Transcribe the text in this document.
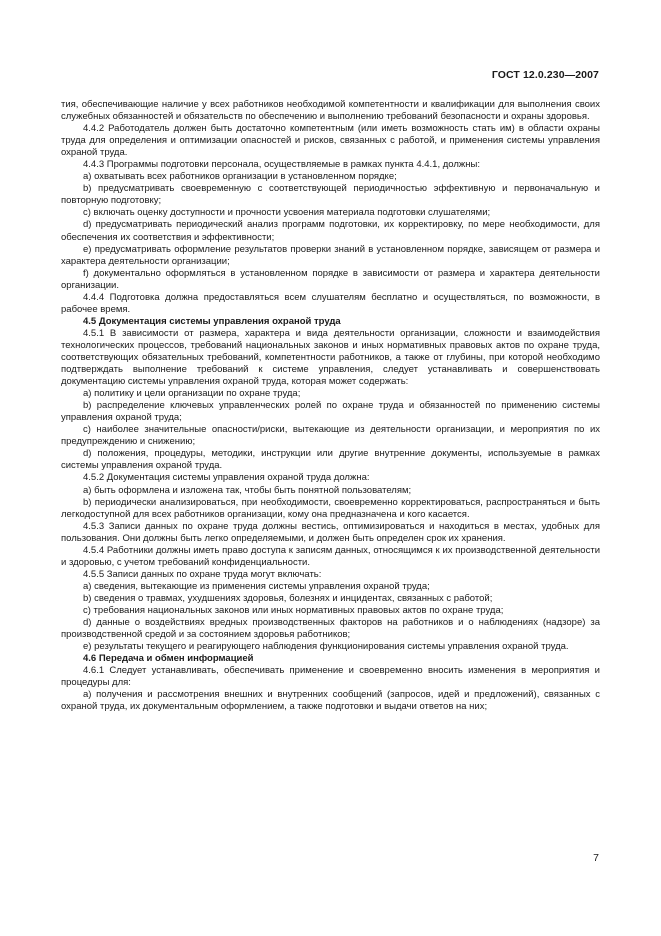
ГОСТ 12.0.230—2007

тия, обеспечивающие наличие у всех работников необходимой компетентности и квалификации для выполнения своих служебных обязанностей и обязательств по обеспечению и выполнению требований безопасности и охраны здоровья.

4.4.2 Работодатель должен быть достаточно компетентным (или иметь возможность стать им) в области охраны труда для определения и оптимизации опасностей и рисков, связанных с работой, и применения системы управления охраной труда.

4.4.3 Программы подготовки персонала, осуществляемые в рамках пункта 4.4.1, должны:

a) охватывать всех работников организации в установленном порядке;

b) предусматривать своевременную с соответствующей периодичностью эффективную и первоначальную и повторную подготовку;

c) включать оценку доступности и прочности усвоения материала подготовки слушателями;

d) предусматривать периодический анализ программ подготовки, их корректировку, по мере необходимости, для обеспечения их соответствия и эффективности;

e) предусматривать оформление результатов проверки знаний в установленном порядке, зависящем от размера и характера деятельности организации;

f) документально оформляться в установленном порядке в зависимости от размера и характера деятельности организации.

4.4.4 Подготовка должна предоставляться всем слушателям бесплатно и осуществляться, по возможности, в рабочее время.

4.5 Документация системы управления охраной труда

4.5.1 В зависимости от размера, характера и вида деятельности организации, сложности и взаимодействия технологических процессов, требований национальных законов и иных нормативных правовых актов по охране труда, соответствующих обязательных требований, компетентности работников, а также от глубины, при которой необходимо подтверждать выполнение требований к системе управления, следует устанавливать и совершенствовать документацию системы управления охраной труда, которая может содержать:

a) политику и цели организации по охране труда;

b) распределение ключевых управленческих ролей по охране труда и обязанностей по применению системы управления охраной труда;

c) наиболее значительные опасности/риски, вытекающие из деятельности организации, и мероприятия по их предупреждению и снижению;

d) положения, процедуры, методики, инструкции или другие внутренние документы, используемые в рамках системы управления охраной труда.

4.5.2 Документация системы управления охраной труда должна:

a) быть оформлена и изложена так, чтобы быть понятной пользователям;

b) периодически анализироваться, при необходимости, своевременно корректироваться, распространяться и быть легкодоступной для всех работников организации, кому она предназначена и кого касается.

4.5.3 Записи данных по охране труда должны вестись, оптимизироваться и находиться в местах, удобных для пользования. Они должны быть легко определяемыми, и должен быть определен срок их хранения.

4.5.4 Работники должны иметь право доступа к записям данных, относящимся к их производственной деятельности и здоровью, с учетом требований конфиденциальности.

4.5.5 Записи данных по охране труда могут включать:

a) сведения, вытекающие из применения системы управления охраной труда;

b) сведения о травмах, ухудшениях здоровья, болезнях и инцидентах, связанных с работой;

c) требования национальных законов или иных нормативных правовых актов по охране труда;

d) данные о воздействиях вредных производственных факторов на работников и о наблюдениях (надзоре) за производственной средой и за состоянием здоровья работников;

e) результаты текущего и реагирующего наблюдения функционирования системы управления охраной труда.

4.6 Передача и обмен информацией

4.6.1 Следует устанавливать, обеспечивать применение и своевременно вносить изменения в мероприятия и процедуры для:

a) получения и рассмотрения внешних и внутренних сообщений (запросов, идей и предложений), связанных с охраной труда, их документальным оформлением, а также подготовки и выдачи ответов на них;

7
